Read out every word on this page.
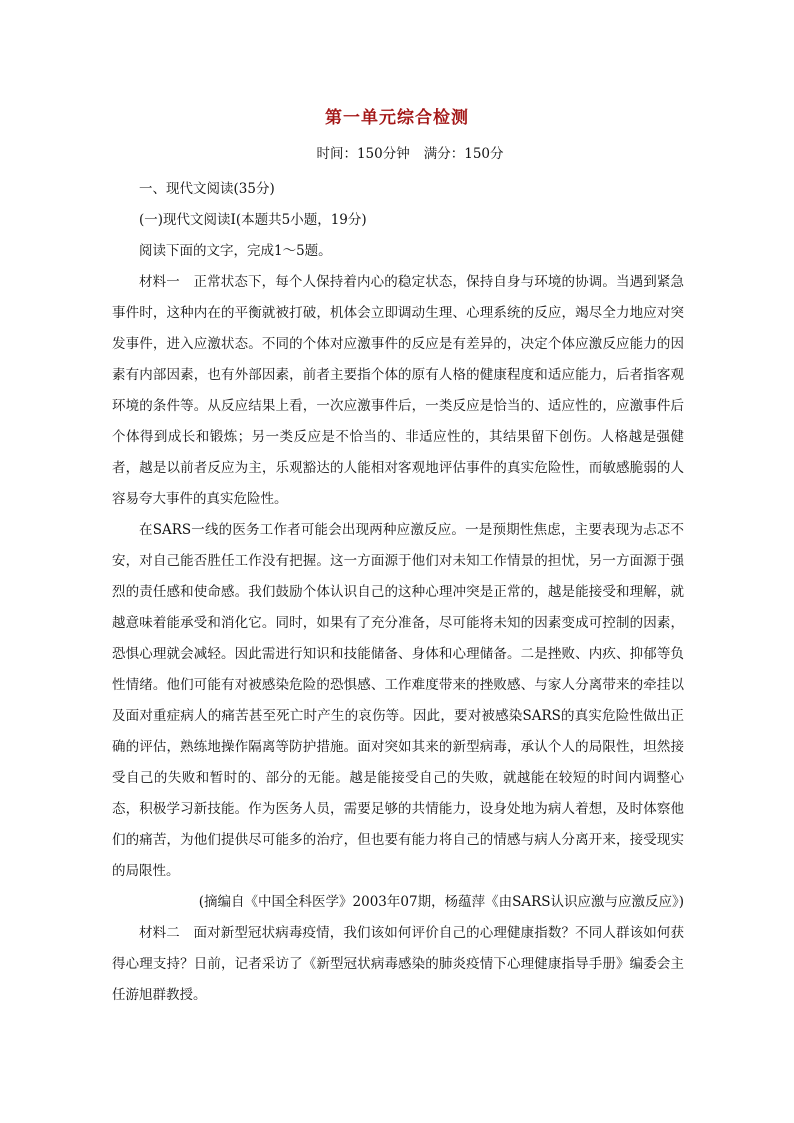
第一单元综合检测
时间：150分钟 满分：150分

一、现代文阅读(35分)

(一)现代文阅读Ⅰ(本题共5小题，19分)

阅读下面的文字，完成1～5题。

材料一　正常状态下，每个人保持着内心的稳定状态，保持自身与环境的协调。当遇到紧急事件时，这种内在的平衡就被打破，机体会立即调动生理、心理系统的反应，竭尽全力地应对突发事件，进入应激状态。不同的个体对应激事件的反应是有差异的，决定个体应激反应能力的因素有内部因素，也有外部因素，前者主要指个体的原有人格的健康程度和适应能力，后者指客观环境的条件等。从反应结果上看，一次应激事件后，一类反应是恰当的、适应性的，应激事件后个体得到成长和锻炼；另一类反应是不恰当的、非适应性的，其结果留下创伤。人格越是强健者，越是以前者反应为主，乐观豁达的人能相对客观地评估事件的真实危险性，而敏感脆弱的人容易夸大事件的真实危险性。

在SARS一线的医务工作者可能会出现两种应激反应。一是预期性焦虑，主要表现为忐忑不安，对自己能否胜任工作没有把握。这一方面源于他们对未知工作情景的担忧，另一方面源于强烈的责任感和使命感。我们鼓励个体认识自己的这种心理冲突是正常的，越是能接受和理解，就越意味着能承受和消化它。同时，如果有了充分准备，尽可能将未知的因素变成可控制的因素，恐惧心理就会减轻。因此需进行知识和技能储备、身体和心理储备。二是挫败、内疚、抑郁等负性情绪。他们可能有对被感染危险的恐惧感、工作难度带来的挫败感、与家人分离带来的牵挂以及面对重症病人的痛苦甚至死亡时产生的哀伤等。因此，要对被感染SARS的真实危险性做出正确的评估，熟练地操作隔离等防护措施。面对突如其来的新型病毒，承认个人的局限性，坦然接受自己的失败和暂时的、部分的无能。越是能接受自己的失败，就越能在较短的时间内调整心态，积极学习新技能。作为医务人员，需要足够的共情能力，设身处地为病人着想，及时体察他们的痛苦，为他们提供尽可能多的治疗，但也要有能力将自己的情感与病人分离开来，接受现实的局限性。

(摘编自《中国全科医学》2003年07期，杨蕴萍《由SARS认识应激与应激反应》)

材料二　面对新型冠状病毒疫情，我们该如何评价自己的心理健康指数？不同人群该如何获得心理支持？日前，记者采访了《新型冠状病毒感染的肺炎疫情下心理健康指导手册》编委会主任游旭群教授。
